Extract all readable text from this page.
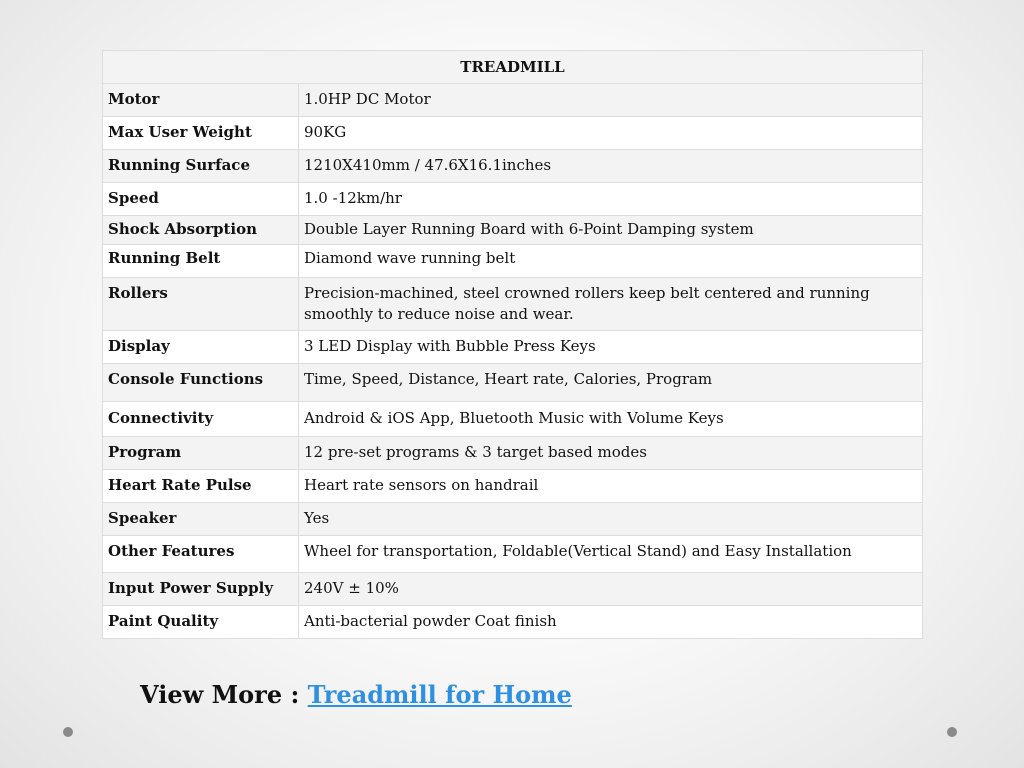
TREADMILL	
Motor	1.0HP DC Motor
Max User Weight	90KG
Running Surface	1210X410mm / 47.6X16.1inches
Speed	1.0 -12km/hr
Shock Absorption	Double Layer Running Board with 6-Point Damping system
Running Belt	Diamond wave running belt
Rollers	Precision-machined, steel crowned rollers keep belt centered and running smoothly to reduce noise and wear.
Display	3 LED Display with Bubble Press Keys
Console Functions	Time, Speed, Distance, Heart rate, Calories, Program
Connectivity	Android & iOS App, Bluetooth Music with Volume Keys
Program	12 pre-set programs & 3 target based modes
Heart Rate Pulse	Heart rate sensors on handrail
Speaker	Yes
Other Features	Wheel for transportation, Foldable(Vertical Stand) and Easy Installation
Input Power Supply	240V ± 10%
Paint Quality	Anti-bacterial powder Coat finish
View More : Treadmill for Home
